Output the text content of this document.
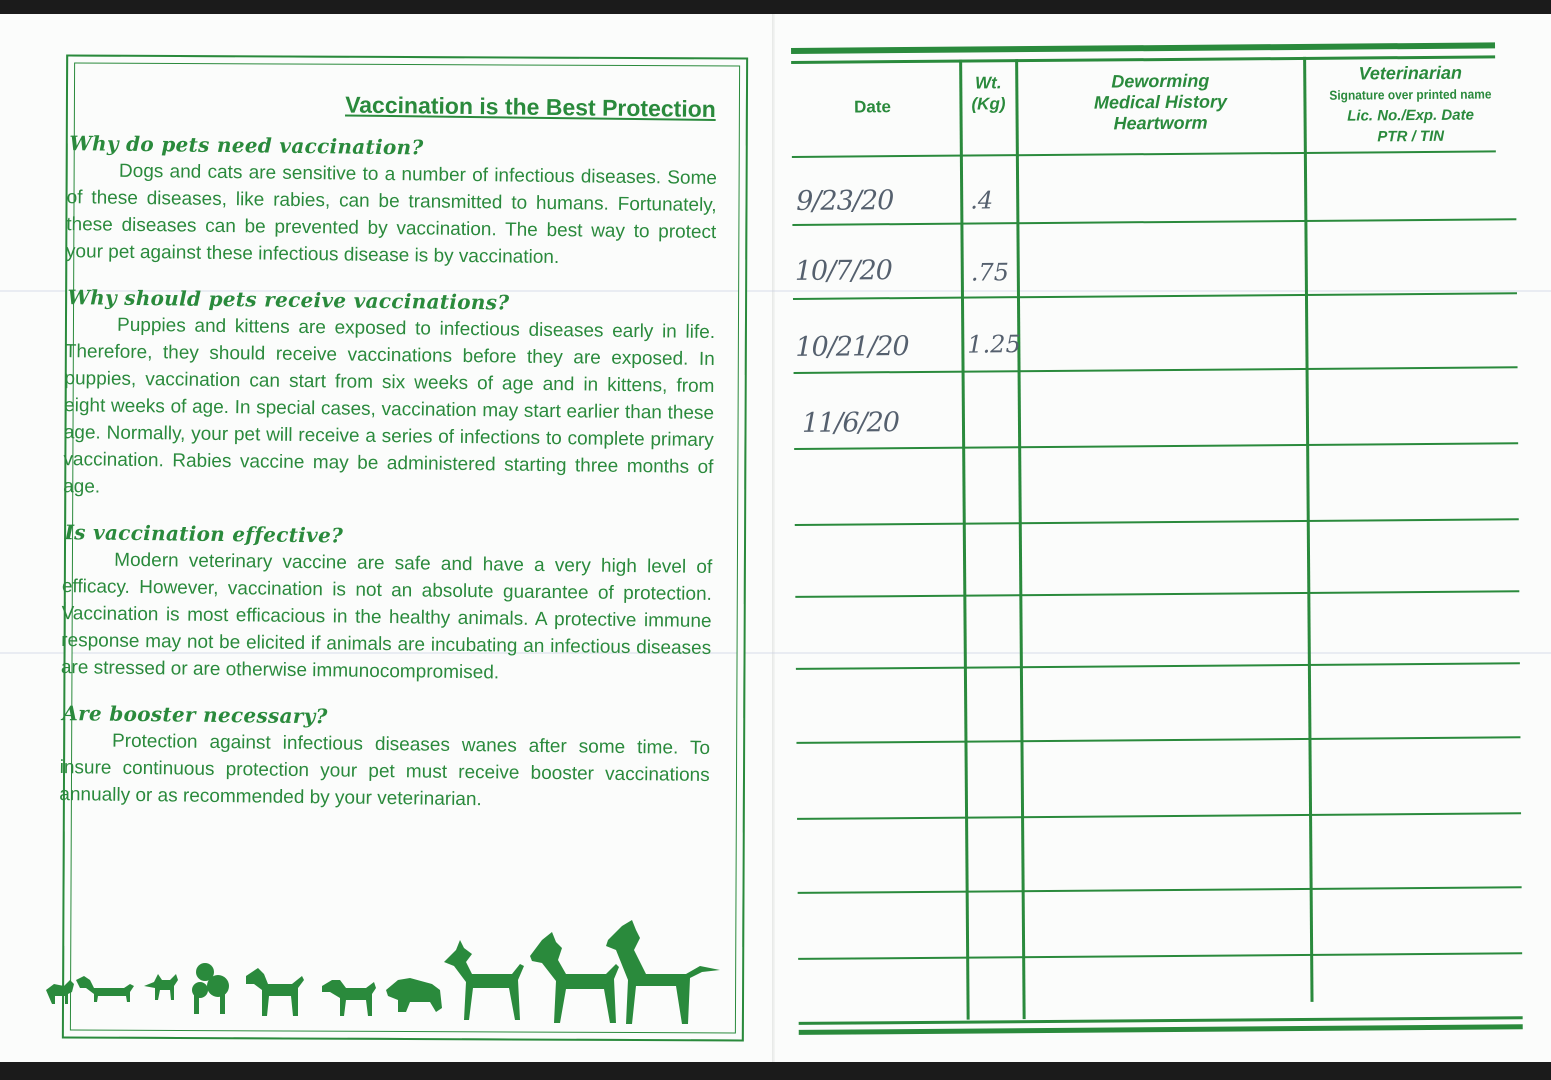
Vaccination is the Best Protection
Why do pets need vaccination?
Dogs and cats are sensitive to a number of infectious diseases. Some of these diseases, like rabies, can be transmitted to humans. Fortunately, these diseases can be prevented by vaccination. The best way to protect your pet against these infectious disease is by vaccination.
Why should pets receive vaccinations?
Puppies and kittens are exposed to infectious diseases early in life. Therefore, they should receive vaccinations before they are exposed. In puppies, vaccination can start from six weeks of age and in kittens, from eight weeks of age. In special cases, vaccination may start earlier than these age. Normally, your pet will receive a series of infections to complete primary vaccination. Rabies vaccine may be administered starting three months of age.
Is vaccination effective?
Modern veterinary vaccine are safe and have a very high level of efficacy. However, vaccination is not an absolute guarantee of protection. Vaccination is most efficacious in the healthy animals. A protective immune response may not be elicited if animals are incubating an infectious diseases are stressed or are otherwise immunocompromised.
Are booster necessary?
Protection against infectious diseases wanes after some time. To insure continuous protection your pet must receive booster vaccinations annually or as recommended by your veterinarian.
Date
Wt.
(Kg)
Deworming
Medical History
Heartworm
Veterinarian
Signature over printed name
Lic. No./Exp. Date
PTR / TIN
9/23/20	.4
10/7/20	.75
10/21/20 1.25
11/6/20
